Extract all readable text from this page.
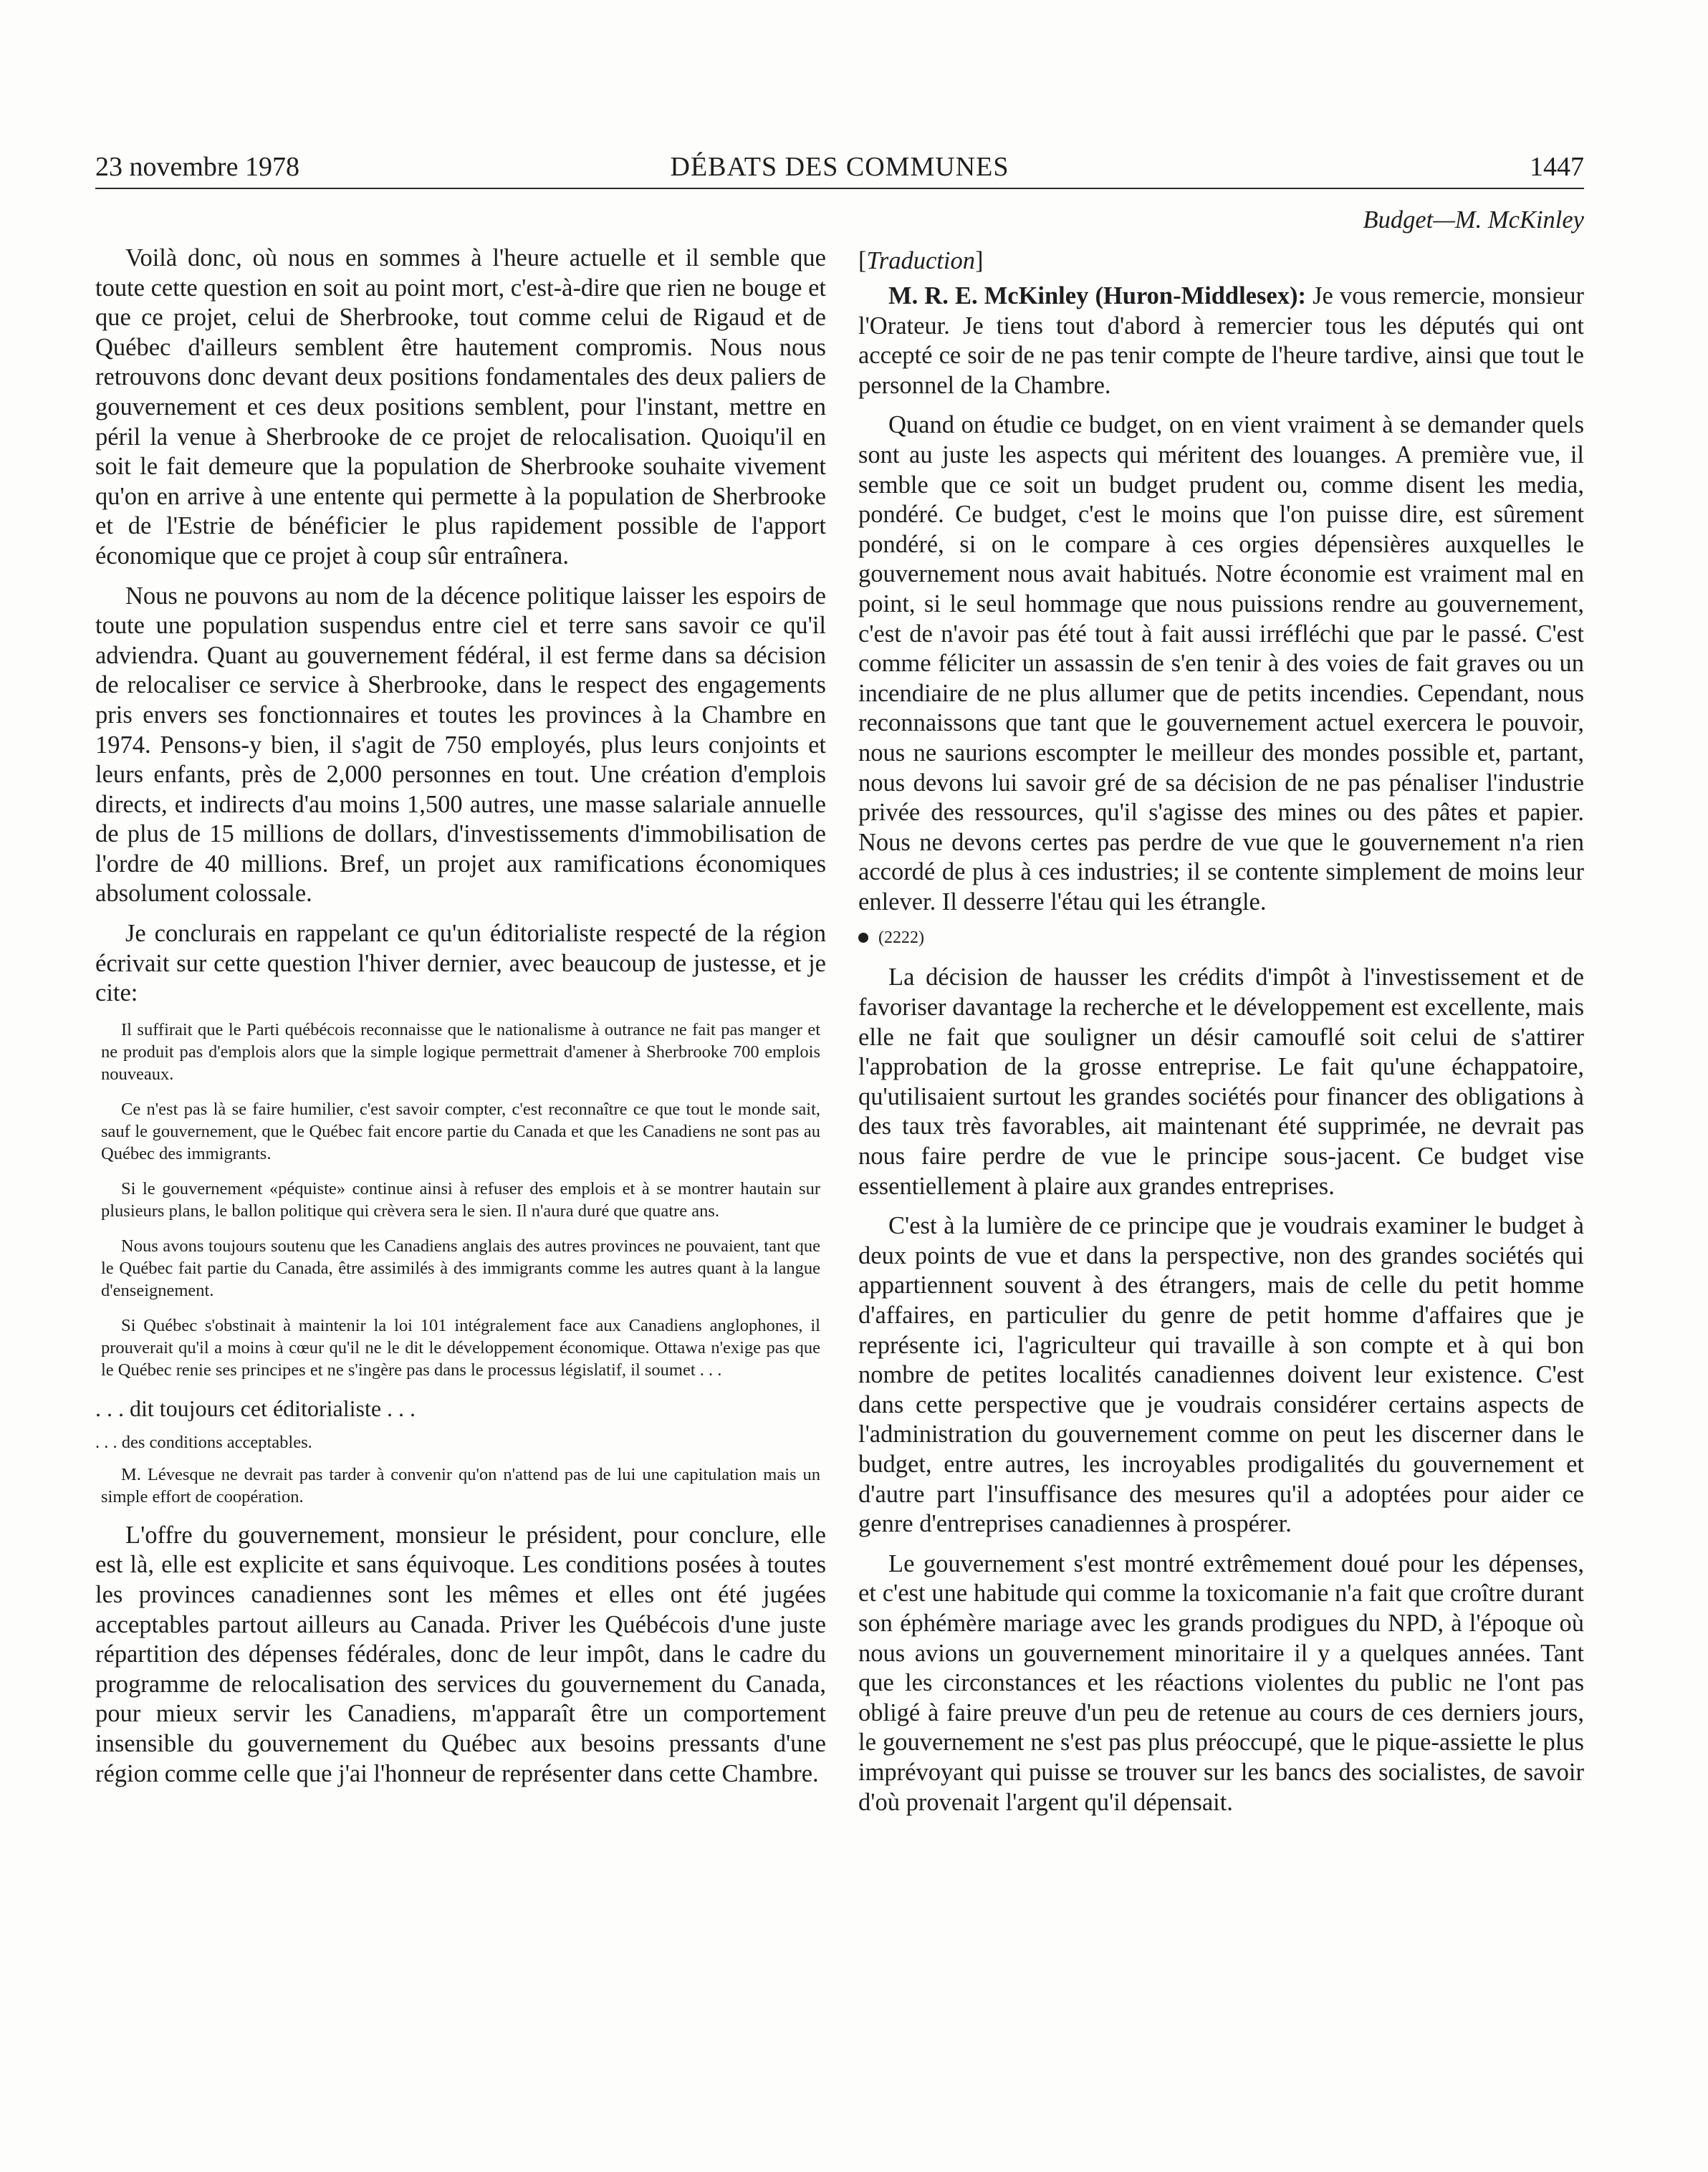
23 novembre 1978	DÉBATS DES COMMUNES	1447

Voilà donc, où nous en sommes à l'heure actuelle et il semble que toute cette question en soit au point mort, c'est-à-dire que rien ne bouge et que ce projet, celui de Sherbrooke, tout comme celui de Rigaud et de Québec d'ailleurs semblent être hautement compromis. Nous nous retrouvons donc devant deux positions fondamentales des deux paliers de gouvernement et ces deux positions semblent, pour l'instant, mettre en péril la venue à Sherbrooke de ce projet de relocalisation. Quoiqu'il en soit le fait demeure que la population de Sherbrooke souhaite vivement qu'on en arrive à une entente qui permette à la population de Sherbrooke et de l'Estrie de bénéficier le plus rapidement possible de l'apport économique que ce projet à coup sûr entraînera.

Nous ne pouvons au nom de la décence politique laisser les espoirs de toute une population suspendus entre ciel et terre sans savoir ce qu'il adviendra. Quant au gouvernement fédéral, il est ferme dans sa décision de relocaliser ce service à Sherbrooke, dans le respect des engagements pris envers ses fonctionnaires et toutes les provinces à la Chambre en 1974. Pensons-y bien, il s'agit de 750 employés, plus leurs conjoints et leurs enfants, près de 2,000 personnes en tout. Une création d'emplois directs, et indirects d'au moins 1,500 autres, une masse salariale annuelle de plus de 15 millions de dollars, d'investissements d'immobilisation de l'ordre de 40 millions. Bref, un projet aux ramifications économiques absolument colossale.

Je conclurais en rappelant ce qu'un éditorialiste respecté de la région écrivait sur cette question l'hiver dernier, avec beaucoup de justesse, et je cite:

Il suffirait que le Parti québécois reconnaisse que le nationalisme à outrance ne fait pas manger et ne produit pas d'emplois alors que la simple logique permettrait d'amener à Sherbrooke 700 emplois nouveaux.

Ce n'est pas là se faire humilier, c'est savoir compter, c'est reconnaître ce que tout le monde sait, sauf le gouvernement, que le Québec fait encore partie du Canada et que les Canadiens ne sont pas au Québec des immigrants.

Si le gouvernement «péquiste» continue ainsi à refuser des emplois et à se montrer hautain sur plusieurs plans, le ballon politique qui crèvera sera le sien. Il n'aura duré que quatre ans.

Nous avons toujours soutenu que les Canadiens anglais des autres provinces ne pouvaient, tant que le Québec fait partie du Canada, être assimilés à des immigrants comme les autres quant à la langue d'enseignement.

Si Québec s'obstinait à maintenir la loi 101 intégralement face aux Canadiens anglophones, il prouverait qu'il a moins à cœur qu'il ne le dit le développement économique. Ottawa n'exige pas que le Québec renie ses principes et ne s'ingère pas dans le processus législatif, il soumet . . .

. . . dit toujours cet éditorialiste . . .

. . . des conditions acceptables.

M. Lévesque ne devrait pas tarder à convenir qu'on n'attend pas de lui une capitulation mais un simple effort de coopération.

L'offre du gouvernement, monsieur le président, pour conclure, elle est là, elle est explicite et sans équivoque. Les conditions posées à toutes les provinces canadiennes sont les mêmes et elles ont été jugées acceptables partout ailleurs au Canada. Priver les Québécois d'une juste répartition des dépenses fédérales, donc de leur impôt, dans le cadre du programme de relocalisation des services du gouvernement du Canada, pour mieux servir les Canadiens, m'apparaît être un comportement insensible du gouvernement du Québec aux besoins pressants d'une région comme celle que j'ai l'honneur de représenter dans cette Chambre.

Budget—M. McKinley
[Traduction]

M. R. E. McKinley (Huron-Middlesex): Je vous remercie, monsieur l'Orateur. Je tiens tout d'abord à remercier tous les députés qui ont accepté ce soir de ne pas tenir compte de l'heure tardive, ainsi que tout le personnel de la Chambre.

Quand on étudie ce budget, on en vient vraiment à se demander quels sont au juste les aspects qui méritent des louanges. A première vue, il semble que ce soit un budget prudent ou, comme disent les media, pondéré. Ce budget, c'est le moins que l'on puisse dire, est sûrement pondéré, si on le compare à ces orgies dépensières auxquelles le gouvernement nous avait habitués. Notre économie est vraiment mal en point, si le seul hommage que nous puissions rendre au gouvernement, c'est de n'avoir pas été tout à fait aussi irréfléchi que par le passé. C'est comme féliciter un assassin de s'en tenir à des voies de fait graves ou un incendiaire de ne plus allumer que de petits incendies. Cependant, nous reconnaissons que tant que le gouvernement actuel exercera le pouvoir, nous ne saurions escompter le meilleur des mondes possible et, partant, nous devons lui savoir gré de sa décision de ne pas pénaliser l'industrie privée des ressources, qu'il s'agisse des mines ou des pâtes et papier. Nous ne devons certes pas perdre de vue que le gouvernement n'a rien accordé de plus à ces industries; il se contente simplement de moins leur enlever. Il desserre l'étau qui les étrangle.

(2222)

La décision de hausser les crédits d'impôt à l'investissement et de favoriser davantage la recherche et le développement est excellente, mais elle ne fait que souligner un désir camouflé soit celui de s'attirer l'approbation de la grosse entreprise. Le fait qu'une échappatoire, qu'utilisaient surtout les grandes sociétés pour financer des obligations à des taux très favorables, ait maintenant été supprimée, ne devrait pas nous faire perdre de vue le principe sous-jacent. Ce budget vise essentiellement à plaire aux grandes entreprises.

C'est à la lumière de ce principe que je voudrais examiner le budget à deux points de vue et dans la perspective, non des grandes sociétés qui appartiennent souvent à des étrangers, mais de celle du petit homme d'affaires, en particulier du genre de petit homme d'affaires que je représente ici, l'agriculteur qui travaille à son compte et à qui bon nombre de petites localités canadiennes doivent leur existence. C'est dans cette perspective que je voudrais considérer certains aspects de l'administration du gouvernement comme on peut les discerner dans le budget, entre autres, les incroyables prodigalités du gouvernement et d'autre part l'insuffisance des mesures qu'il a adoptées pour aider ce genre d'entreprises canadiennes à prospérer.

Le gouvernement s'est montré extrêmement doué pour les dépenses, et c'est une habitude qui comme la toxicomanie n'a fait que croître durant son éphémère mariage avec les grands prodigues du NPD, à l'époque où nous avions un gouvernement minoritaire il y a quelques années. Tant que les circonstances et les réactions violentes du public ne l'ont pas obligé à faire preuve d'un peu de retenue au cours de ces derniers jours, le gouvernement ne s'est pas plus préoccupé, que le pique-assiette le plus imprévoyant qui puisse se trouver sur les bancs des socialistes, de savoir d'où provenait l'argent qu'il dépensait.
